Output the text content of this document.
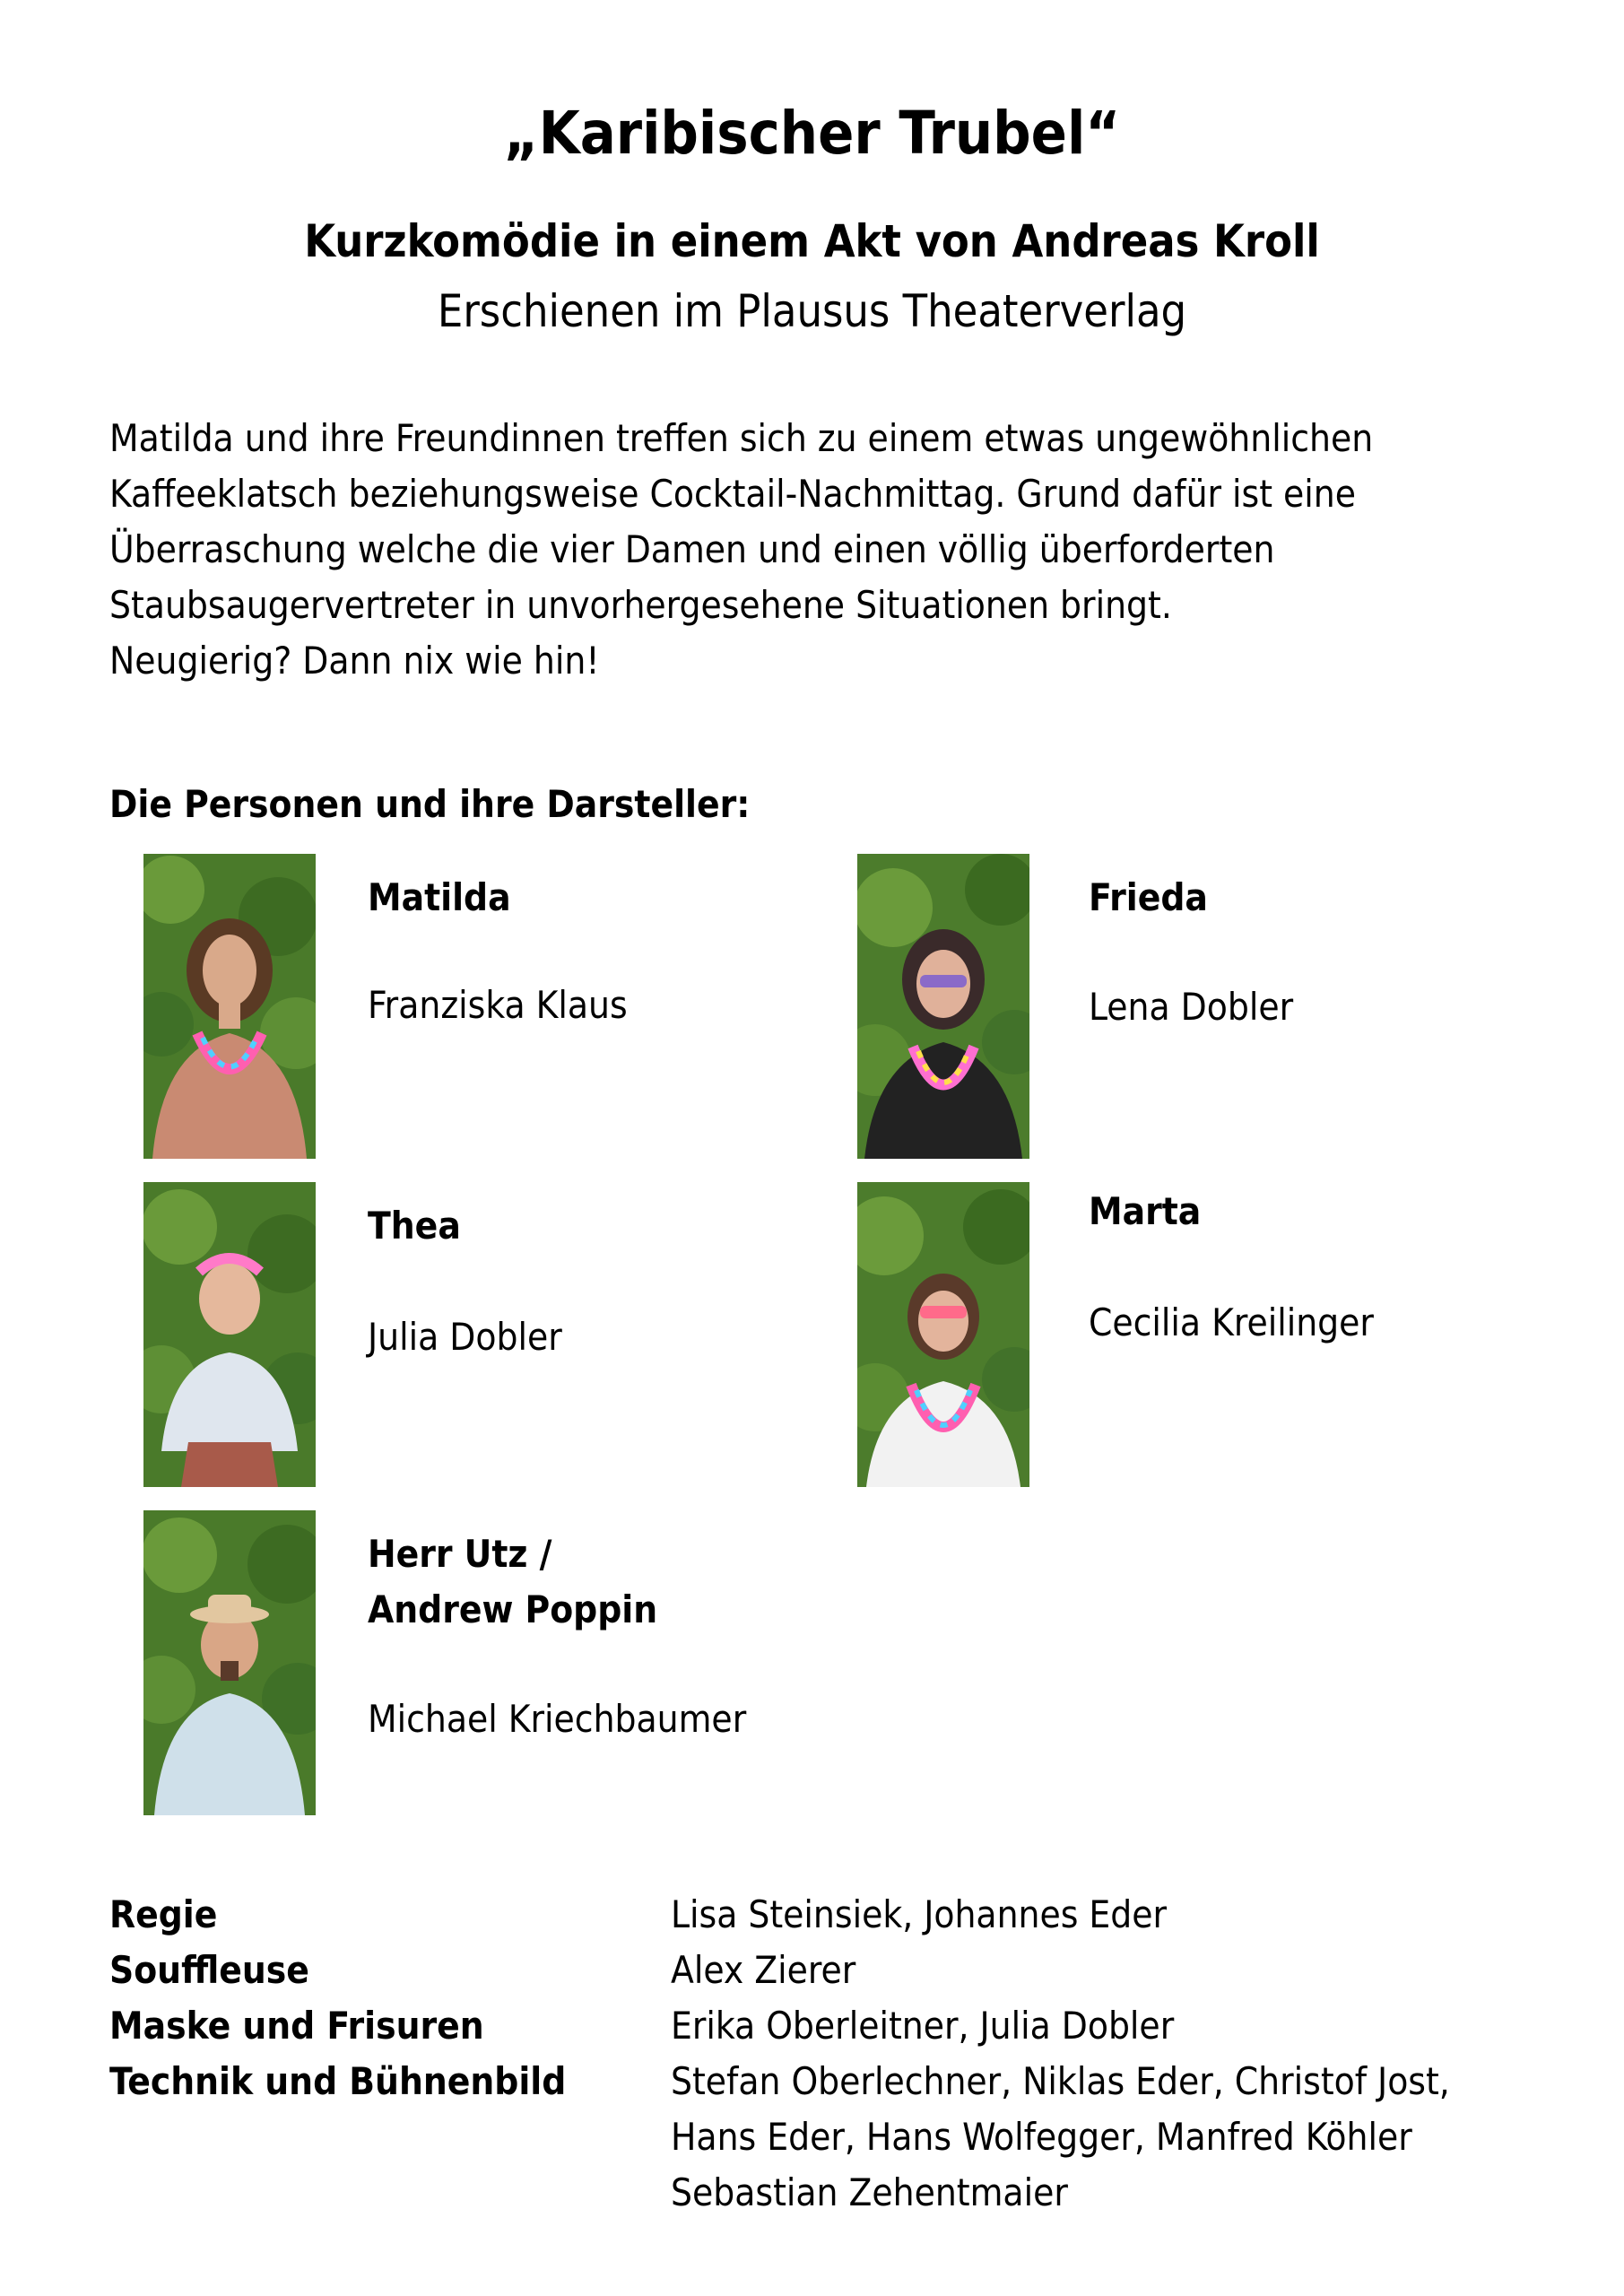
„Karibischer Trubel“
Kurzkomödie in einem Akt von Andreas Kroll
Erschienen im Plausus Theaterverlag
Matilda und ihre Freundinnen treffen sich zu einem etwas ungewöhnlichen
Kaffeeklatsch beziehungsweise Cocktail-Nachmittag. Grund dafür ist eine
Überraschung welche die vier Damen und einen völlig überforderten
Staubsaugervertreter in unvorhergesehene Situationen bringt.
Neugierig? Dann nix wie hin!
Die Personen und ihre Darsteller:
Matilda
Franziska Klaus
Frieda
Lena Dobler
Thea
Julia Dobler
Marta
Cecilia Kreilinger
Herr Utz /
Andrew Poppin
Michael Kriechbaumer
Regie	Lisa Steinsiek, Johannes Eder
Souffleuse	Alex Zierer
Maske und Frisuren	Erika Oberleitner, Julia Dobler
Technik und Bühnenbild	Stefan Oberlechner, Niklas Eder, Christof Jost,
Hans Eder, Hans Wolfegger, Manfred Köhler
Sebastian Zehentmaier
